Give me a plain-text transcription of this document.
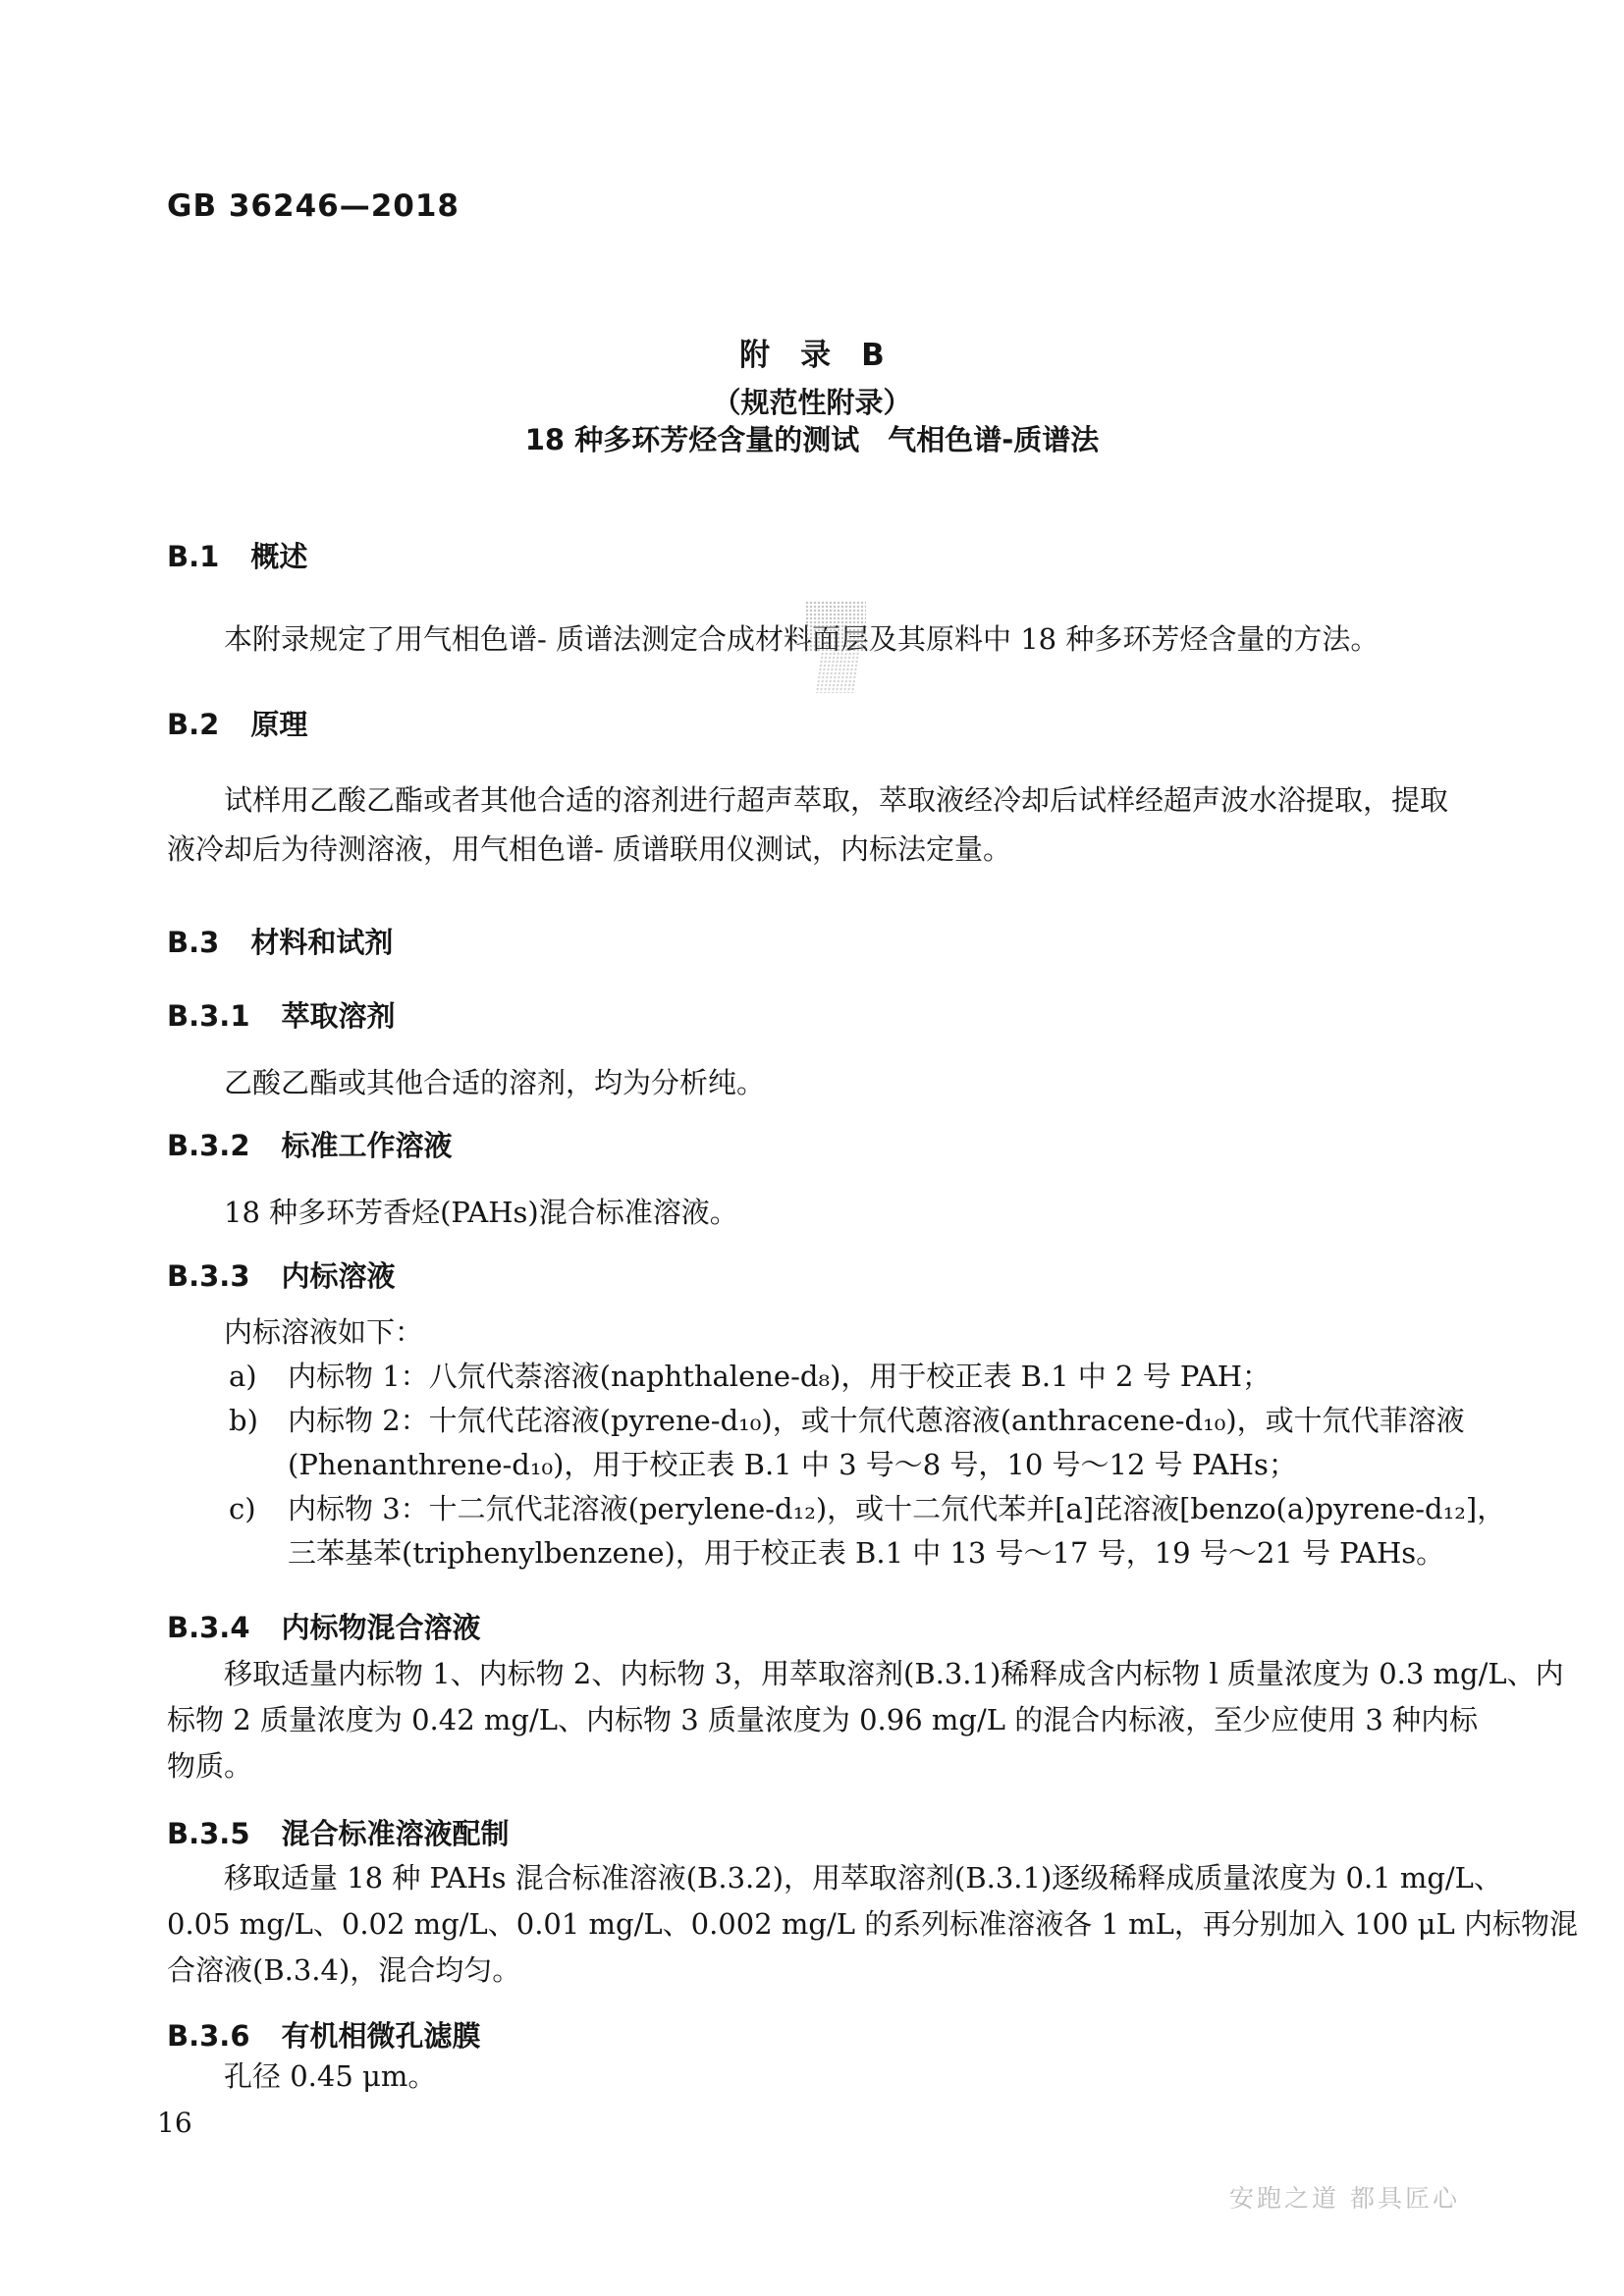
GB 36246—2018
附　录　B
（规范性附录）
18 种多环芳烃含量的测试　气相色谱-质谱法
B.1 概述
本附录规定了用气相色谱- 质谱法测定合成材料面层及其原料中 18 种多环芳烃含量的方法。
B.2 原理
试样用乙酸乙酯或者其他合适的溶剂进行超声萃取，萃取液经冷却后试样经超声波水浴提取，提取
液冷却后为待测溶液，用气相色谱- 质谱联用仪测试，内标法定量。
B.3 材料和试剂
B.3.1 萃取溶剂
乙酸乙酯或其他合适的溶剂，均为分析纯。
B.3.2 标准工作溶液
18 种多环芳香烃(PAHs)混合标准溶液。
B.3.3 内标溶液
内标溶液如下：
a) 内标物 1：八氘代萘溶液(naphthalene-d₈)，用于校正表 B.1 中 2 号 PAH；
b) 内标物 2：十氘代芘溶液(pyrene-d₁₀)，或十氘代蒽溶液(anthracene-d₁₀)，或十氘代菲溶液
(Phenanthrene-d₁₀)，用于校正表 B.1 中 3 号～8 号，10 号～12 号 PAHs；
c) 内标物 3：十二氘代苝溶液(perylene-d₁₂)，或十二氘代苯并[a]芘溶液[benzo(a)pyrene-d₁₂]，
三苯基苯(triphenylbenzene)，用于校正表 B.1 中 13 号～17 号，19 号～21 号 PAHs。
B.3.4 内标物混合溶液
移取适量内标物 1、内标物 2、内标物 3，用萃取溶剂(B.3.1)稀释成含内标物 l 质量浓度为 0.3 mg/L、内
标物 2 质量浓度为 0.42 mg/L、内标物 3 质量浓度为 0.96 mg/L 的混合内标液，至少应使用 3 种内标
物质。
B.3.5 混合标准溶液配制
移取适量 18 种 PAHs 混合标准溶液(B.3.2)，用萃取溶剂(B.3.1)逐级稀释成质量浓度为 0.1 mg/L、
0.05 mg/L、0.02 mg/L、0.01 mg/L、0.002 mg/L 的系列标准溶液各 1 mL，再分别加入 100 μL 内标物混
合溶液(B.3.4)，混合均匀。
B.3.6 有机相微孔滤膜
孔径 0.45 μm。
16
安跑之道 都具匠心
